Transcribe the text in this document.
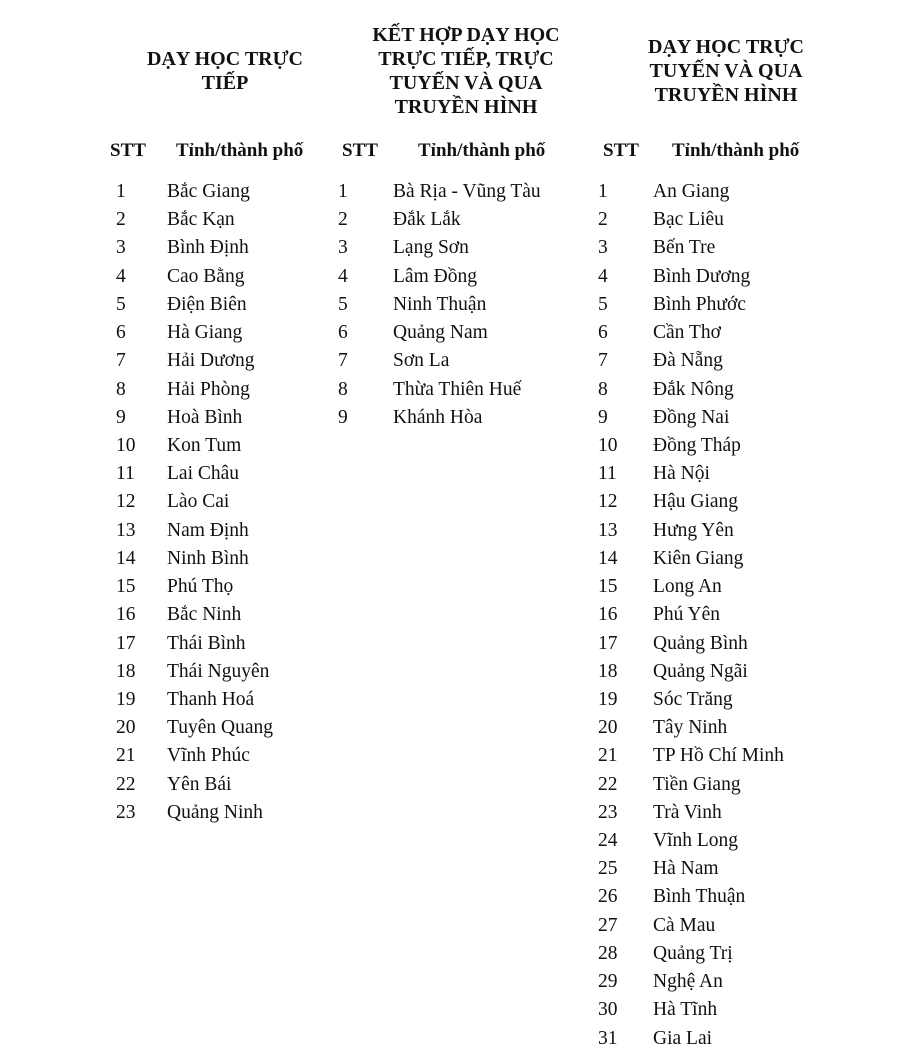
DẠY HỌC TRỰC
TIẾP
STT Tỉnh/thành phố
1 Bắc Giang
2 Bắc Kạn
3 Bình Định
4 Cao Bằng
5 Điện Biên
6 Hà Giang
7 Hải Dương
8 Hải Phòng
9 Hoà Bình
10 Kon Tum
11 Lai Châu
12 Lào Cai
13 Nam Định
14 Ninh Bình
15 Phú Thọ
16 Bắc Ninh
17 Thái Bình
18 Thái Nguyên
19 Thanh Hoá
20 Tuyên Quang
21 Vĩnh Phúc
22 Yên Bái
23 Quảng Ninh
KẾT HỢP DẠY HỌC
TRỰC TIẾP, TRỰC
TUYẾN VÀ QUA
TRUYỀN HÌNH
STT Tỉnh/thành phố
1 Bà Rịa - Vũng Tàu
2 Đắk Lắk
3 Lạng Sơn
4 Lâm Đồng
5 Ninh Thuận
6 Quảng Nam
7 Sơn La
8 Thừa Thiên Huế
9 Khánh Hòa
DẠY HỌC TRỰC
TUYẾN VÀ QUA
TRUYỀN HÌNH
STT Tỉnh/thành phố
1 An Giang
2 Bạc Liêu
3 Bến Tre
4 Bình Dương
5 Bình Phước
6 Cần Thơ
7 Đà Nẵng
8 Đắk Nông
9 Đồng Nai
10 Đồng Tháp
11 Hà Nội
12 Hậu Giang
13 Hưng Yên
14 Kiên Giang
15 Long An
16 Phú Yên
17 Quảng Bình
18 Quảng Ngãi
19 Sóc Trăng
20 Tây Ninh
21 TP Hồ Chí Minh
22 Tiền Giang
23 Trà Vinh
24 Vĩnh Long
25 Hà Nam
26 Bình Thuận
27 Cà Mau
28 Quảng Trị
29 Nghệ An
30 Hà Tĩnh
31 Gia Lai
